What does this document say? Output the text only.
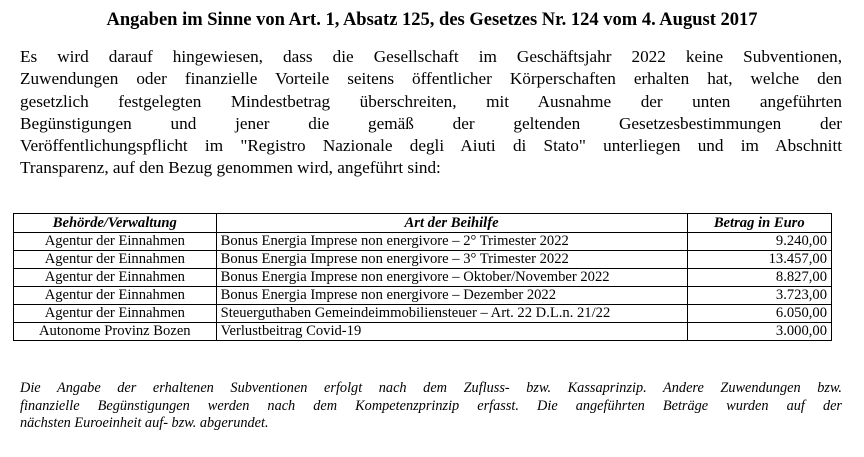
Angaben im Sinne von Art. 1, Absatz 125, des Gesetzes Nr. 124 vom 4. August 2017
Es wird darauf hingewiesen, dass die Gesellschaft im Geschäftsjahr 2022 keine Subventionen,
Zuwendungen oder finanzielle Vorteile seitens öffentlicher Körperschaften erhalten hat, welche den
gesetzlich festgelegten Mindestbetrag überschreiten, mit Ausnahme der unten angeführten
Begünstigungen und jener die gemäß der geltenden Gesetzesbestimmungen der
Veröffentlichungspflicht im "Registro Nazionale degli Aiuti di Stato" unterliegen und im Abschnitt
Transparenz, auf den Bezug genommen wird, angeführt sind:
Behörde/Verwaltung	Art der Beihilfe	Betrag in Euro
Agentur der Einnahmen	Bonus Energia Imprese non energivore – 2° Trimester 2022	9.240,00
Agentur der Einnahmen	Bonus Energia Imprese non energivore – 3° Trimester 2022	13.457,00
Agentur der Einnahmen	Bonus Energia Imprese non energivore – Oktober/November 2022	8.827,00
Agentur der Einnahmen	Bonus Energia Imprese non energivore – Dezember 2022	3.723,00
Agentur der Einnahmen	Steuerguthaben Gemeindeimmobiliensteuer – Art. 22 D.L.n. 21/22	6.050,00
Autonome Provinz Bozen	Verlustbeitrag Covid-19	3.000,00
Die Angabe der erhaltenen Subventionen erfolgt nach dem Zufluss- bzw. Kassaprinzip. Andere Zuwendungen bzw.
finanzielle Begünstigungen werden nach dem Kompetenzprinzip erfasst. Die angeführten Beträge wurden auf der
nächsten Euroeinheit auf- bzw. abgerundet.
